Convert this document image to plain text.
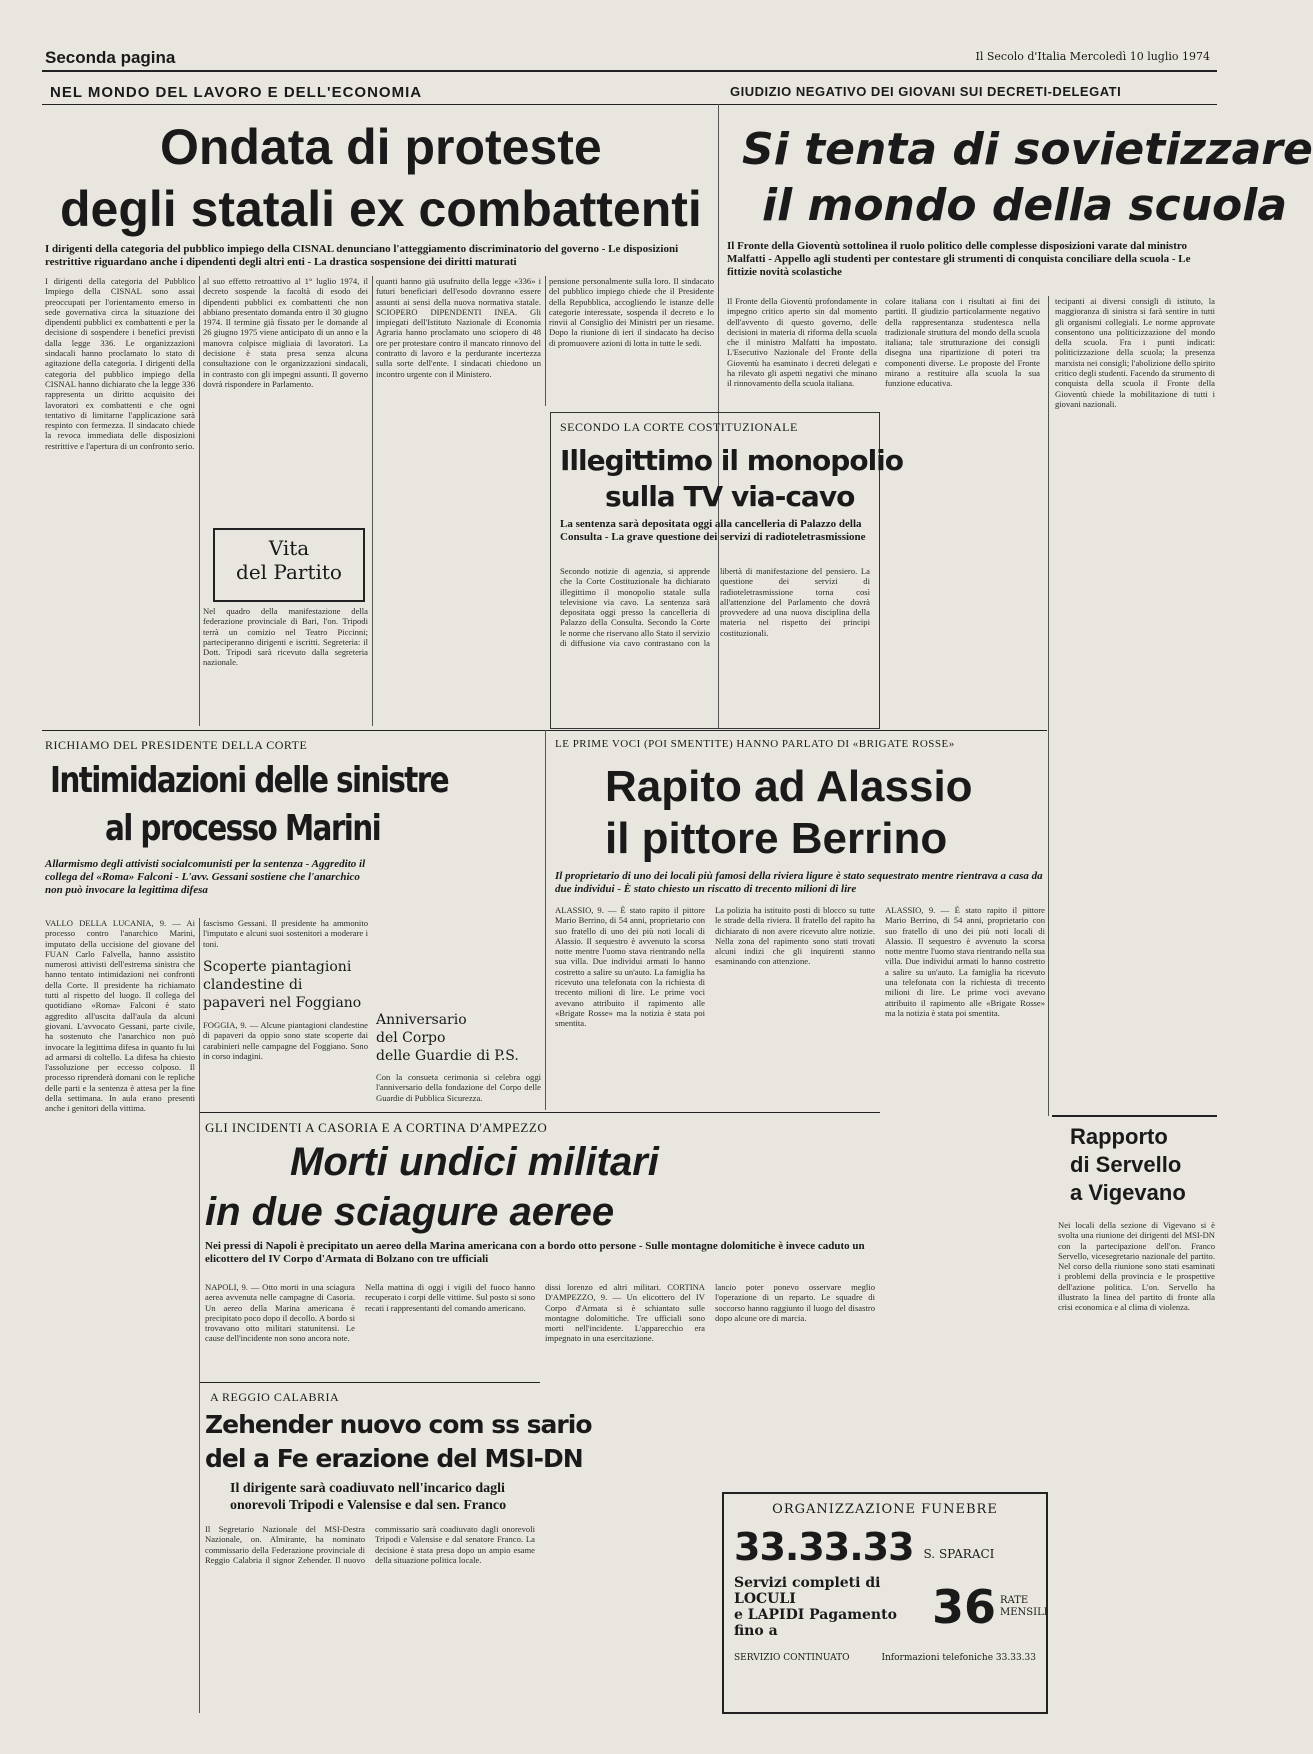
Seconda pagina	Il Secolo d'Italia Mercoledì 10 luglio 1974
NEL MONDO DEL LAVORO E DELL'ECONOMIA	GIUDIZIO NEGATIVO DEI GIOVANI SUI DECRETI-DELEGATI
Ondata di proteste
degli statali ex combattenti
I dirigenti della categoria del pubblico impiego della CISNAL denunciano l'atteggiamento discriminatorio del governo - Le disposizioni restrittive riguardano anche i dipendenti degli altri enti - La drastica sospensione dei diritti maturati
I dirigenti della categoria del Pubblico Impiego della CISNAL sono assai preoccupati per l'orientamento emerso in sede governativa circa la situazione dei dipendenti pubblici ex combattenti e per la decisione di sospendere i benefici previsti dalla legge 336. Le organizzazioni sindacali hanno proclamato lo stato di agitazione della categoria. I dirigenti della categoria del pubblico impiego della CISNAL hanno dichiarato che la legge 336 rappresenta un diritto acquisito dei lavoratori ex combattenti e che ogni tentativo di limitarne l'applicazione sarà respinto con fermezza. Il sindacato chiede la revoca immediata delle disposizioni restrittive e l'apertura di un confronto serio.
al suo effetto retroattivo al 1° luglio 1974, il decreto sospende la facoltà di esodo dei dipendenti pubblici ex combattenti che non abbiano presentato domanda entro il 30 giugno 1974. Il termine già fissato per le domande al 26 giugno 1975 viene anticipato di un anno e la manovra colpisce migliaia di lavoratori. La decisione è stata presa senza alcuna consultazione con le organizzazioni sindacali, in contrasto con gli impegni assunti. Il governo dovrà rispondere in Parlamento.
quanti hanno già usufruito della legge «336» i futuri beneficiari dell'esodo dovranno essere assunti ai sensi della nuova normativa statale. SCIOPERO DIPENDENTI INEA. Gli impiegati dell'Istituto Nazionale di Economia Agraria hanno proclamato uno sciopero di 48 ore per protestare contro il mancato rinnovo del contratto di lavoro e la perdurante incertezza sulla sorte dell'ente. I sindacati chiedono un incontro urgente con il Ministero.
pensione personalmente sulla loro. Il sindacato del pubblico impiego chiede che il Presidente della Repubblica, accogliendo le istanze delle categorie interessate, sospenda il decreto e lo rinvii al Consiglio dei Ministri per un riesame. Dopo la riunione di ieri il sindacato ha deciso di promuovere azioni di lotta in tutte le sedi.
Vita
del Partito
Nel quadro della manifestazione della federazione provinciale di Bari, l'on. Tripodi terrà un comizio nel Teatro Piccinni; parteciperanno dirigenti e iscritti. Segreteria: il Dott. Tripodi sarà ricevuto dalla segreteria nazionale.
Si tenta di sovietizzare
il mondo della scuola
Il Fronte della Gioventù sottolinea il ruolo politico delle complesse disposizioni varate dal ministro Malfatti - Appello agli studenti per contestare gli strumenti di conquista conciliare della scuola - Le fittizie novità scolastiche
Il Fronte della Gioventù profondamente in impegno critico aperto sin dal momento dell'avvento di questo governo, delle decisioni in materia di riforma della scuola che il ministro Malfatti ha impostato. L'Esecutivo Nazionale del Fronte della Gioventù ha esaminato i decreti delegati e ha rilevato gli aspetti negativi che minano il rinnovamento della scuola italiana.
colare italiana con i risultati ai fini dei partiti. Il giudizio particolarmente negativo della rappresentanza studentesca nella tradizionale struttura del mondo della scuola italiana; tale strutturazione dei consigli disegna una ripartizione di poteri tra componenti diverse. Le proposte del Fronte mirano a restituire alla scuola la sua funzione educativa.
tecipanti ai diversi consigli di istituto, la maggioranza di sinistra si farà sentire in tutti gli organismi collegiali. Le norme approvate consentono una politicizzazione del mondo della scuola. Fra i punti indicati: politicizzazione della scuola; la presenza marxista nei consigli; l'abolizione dello spirito critico degli studenti. Facendo da strumento di conquista della scuola il Fronte della Gioventù chiede la mobilitazione di tutti i giovani nazionali.
SECONDO LA CORTE COSTITUZIONALE
Illegittimo il monopolio
sulla TV via-cavo
La sentenza sarà depositata oggi alla cancelleria di Palazzo della Consulta - La grave questione dei servizi di radioteletrasmissione
Secondo notizie di agenzia, si apprende che la Corte Costituzionale ha dichiarato illegittimo il monopolio statale sulla televisione via cavo. La sentenza sarà depositata oggi presso la cancelleria di Palazzo della Consulta. Secondo la Corte le norme che riservano allo Stato il servizio di diffusione via cavo contrastano con la libertà di manifestazione del pensiero. La questione dei servizi di radioteletrasmissione torna così all'attenzione del Parlamento che dovrà provvedere ad una nuova disciplina della materia nel rispetto dei principi costituzionali.
RICHIAMO DEL PRESIDENTE DELLA CORTE
Intimidazioni delle sinistre
al processo Marini
Allarmismo degli attivisti socialcomunisti per la sentenza - Aggredito il collega del «Roma» Falconi - L'avv. Gessani sostiene che l'anarchico non può invocare la legittima difesa
VALLO DELLA LUCANIA, 9. — Ai processo contro l'anarchico Marini, imputato della uccisione del giovane del FUAN Carlo Falvella, hanno assistito numerosi attivisti dell'estrema sinistra che hanno tentato intimidazioni nei confronti della Corte. Il presidente ha richiamato tutti al rispetto del luogo. Il collega del quotidiano «Roma» Falconi è stato aggredito all'uscita dall'aula da alcuni giovani. L'avvocato Gessani, parte civile, ha sostenuto che l'anarchico non può invocare la legittima difesa in quanto fu lui ad armarsi di coltello. La difesa ha chiesto l'assoluzione per eccesso colposo. Il processo riprenderà domani con le repliche delle parti e la sentenza è attesa per la fine della settimana. In aula erano presenti anche i genitori della vittima.
fascismo Gessani. Il presidente ha ammonito l'imputato e alcuni suoi sostenitori a moderare i toni.
Scoperte piantagioni clandestine di papaveri nel Foggiano
FOGGIA, 9. — Alcune piantagioni clandestine di papaveri da oppio sono state scoperte dai carabinieri nelle campagne del Foggiano. Sono in corso indagini.
Anniversario
del Corpo
delle Guardie di P.S.
Con la consueta cerimonia si celebra oggi l'anniversario della fondazione del Corpo delle Guardie di Pubblica Sicurezza.
LE PRIME VOCI (POI SMENTITE) HANNO PARLATO DI «BRIGATE ROSSE»
Rapito ad Alassio
il pittore Berrino
Il proprietario di uno dei locali più famosi della riviera ligure è stato sequestrato mentre rientrava a casa da due individui - È stato chiesto un riscatto di trecento milioni di lire
ALASSIO, 9. — È stato rapito il pittore Mario Berrino, di 54 anni, proprietario con suo fratello di uno dei più noti locali di Alassio. Il sequestro è avvenuto la scorsa notte mentre l'uomo stava rientrando nella sua villa. Due individui armati lo hanno costretto a salire su un'auto. La famiglia ha ricevuto una telefonata con la richiesta di trecento milioni di lire. Le prime voci avevano attribuito il rapimento alle «Brigate Rosse» ma la notizia è stata poi smentita.
La polizia ha istituito posti di blocco su tutte le strade della riviera. Il fratello del rapito ha dichiarato di non avere ricevuto altre notizie. Nella zona del rapimento sono stati trovati alcuni indizi che gli inquirenti stanno esaminando con attenzione.
ALASSIO, 9. — È stato rapito il pittore Mario Berrino, di 54 anni, proprietario con suo fratello di uno dei più noti locali di Alassio. Il sequestro è avvenuto la scorsa notte mentre l'uomo stava rientrando nella sua villa. Due individui armati lo hanno costretto a salire su un'auto. La famiglia ha ricevuto una telefonata con la richiesta di trecento milioni di lire. Le prime voci avevano attribuito il rapimento alle «Brigate Rosse» ma la notizia è stata poi smentita.
Rapporto
di Servello
a Vigevano
Nei locali della sezione di Vigevano si è svolta una riunione dei dirigenti del MSI-DN con la partecipazione dell'on. Franco Servello, vicesegretario nazionale del partito. Nel corso della riunione sono stati esaminati i problemi della provincia e le prospettive dell'azione politica. L'on. Servello ha illustrato la linea del partito di fronte alla crisi economica e al clima di violenza.
GLI INCIDENTI A CASORIA E A CORTINA D'AMPEZZO
Morti undici militari
in due sciagure aeree
Nei pressi di Napoli è precipitato un aereo della Marina americana con a bordo otto persone - Sulle montagne dolomitiche è invece caduto un elicottero del IV Corpo d'Armata di Bolzano con tre ufficiali
NAPOLI, 9. — Otto morti in una sciagura aerea avvenuta nelle campagne di Casoria. Un aereo della Marina americana è precipitato poco dopo il decollo. A bordo si trovavano otto militari statunitensi. Le cause dell'incidente non sono ancora note.
Nella mattina di oggi i vigili del fuoco hanno recuperato i corpi delle vittime. Sul posto si sono recati i rappresentanti del comando americano.
dissi lorenzo ed altri militari. CORTINA D'AMPEZZO, 9. — Un elicottero del IV Corpo d'Armata si è schiantato sulle montagne dolomitiche. Tre ufficiali sono morti nell'incidente. L'apparecchio era impegnato in una esercitazione.
lancio poter ponevo osservare meglio l'operazione di un reparto. Le squadre di soccorso hanno raggiunto il luogo del disastro dopo alcune ore di marcia.
A REGGIO CALABRIA
Zehender nuovo com ss sario
del a Fe erazione del MSI-DN
Il dirigente sarà coadiuvato nell'incarico dagli onorevoli Tripodi e Valensise e dal sen. Franco
Il Segretario Nazionale del MSI-Destra Nazionale, on. Almirante, ha nominato commissario della Federazione provinciale di Reggio Calabria il signor Zehender. Il nuovo commissario sarà coadiuvato dagli onorevoli Tripodi e Valensise e dal senatore Franco. La decisione è stata presa dopo un ampio esame della situazione politica locale.
ORGANIZZAZIONE FUNEBRE
33.33.33 S. SPARACI
Servizi completi di LOCULI
e LAPIDI Pagamento fino a	36 RATE MENSILI
SERVIZIO CONTINUATO	Informazioni telefoniche 33.33.33
